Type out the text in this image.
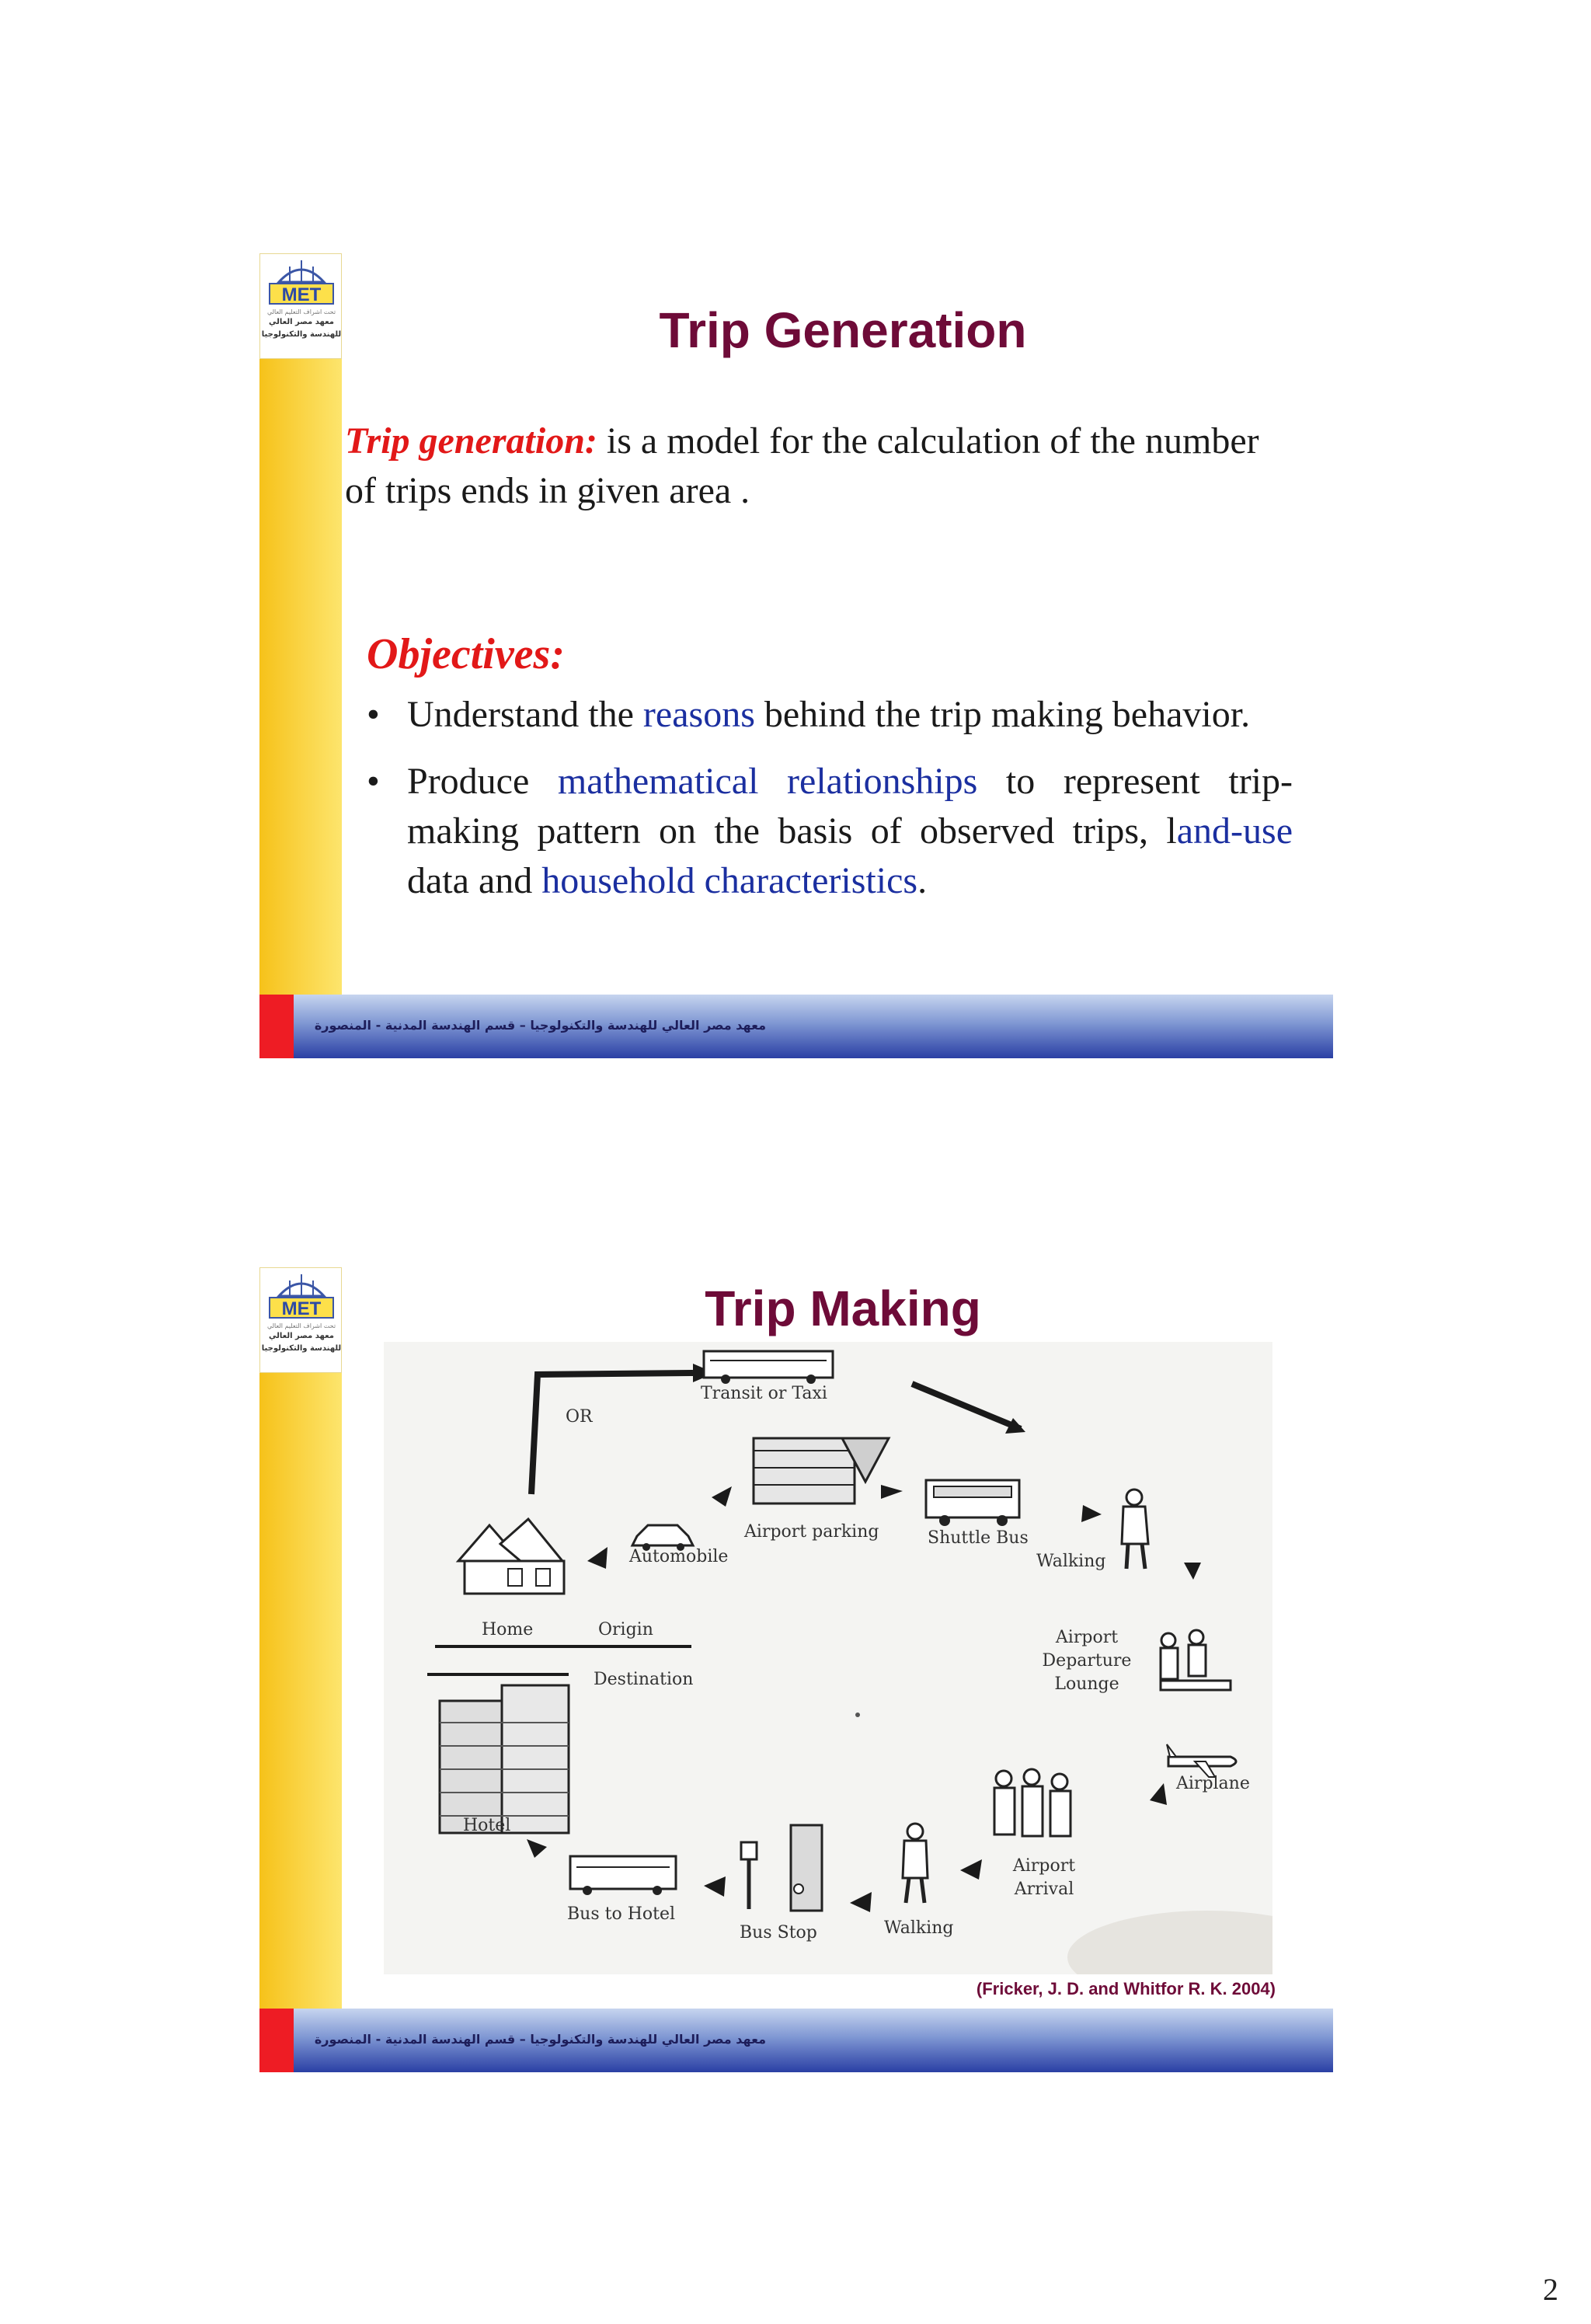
MET
تحت اشراف التعليم العالي
معهد مصر العالي
للهندسة والتكنولوجيا	Trip Generation

Trip generation: is a model for the calculation of the number of trips ends in given area .

Objectives:
• Understand the reasons behind the trip making behavior.
• Produce mathematical relationships to represent trip-making pattern on the basis of observed trips, land-use data and household characteristics.
معهد مصر العالي للهندسة والتكنولوجيا – قسم الهندسة المدنية - المنصورة
MET
تحت اشراف التعليم العالي
معهد مصر العالي
للهندسة والتكنولوجيا
Trip Making
Transit or Taxi
OR
Airport parking	Shuttle Bus
Automobile	Walking
Home	Origin
Destination
Airport Departure Lounge
Airplane
Hotel
Airport Arrival
Bus to Hotel
Bus Stop	Walking
(Fricker, J. D. and Whitfor R. K. 2004)
معهد مصر العالي للهندسة والتكنولوجيا – قسم الهندسة المدنية - المنصورة
2
